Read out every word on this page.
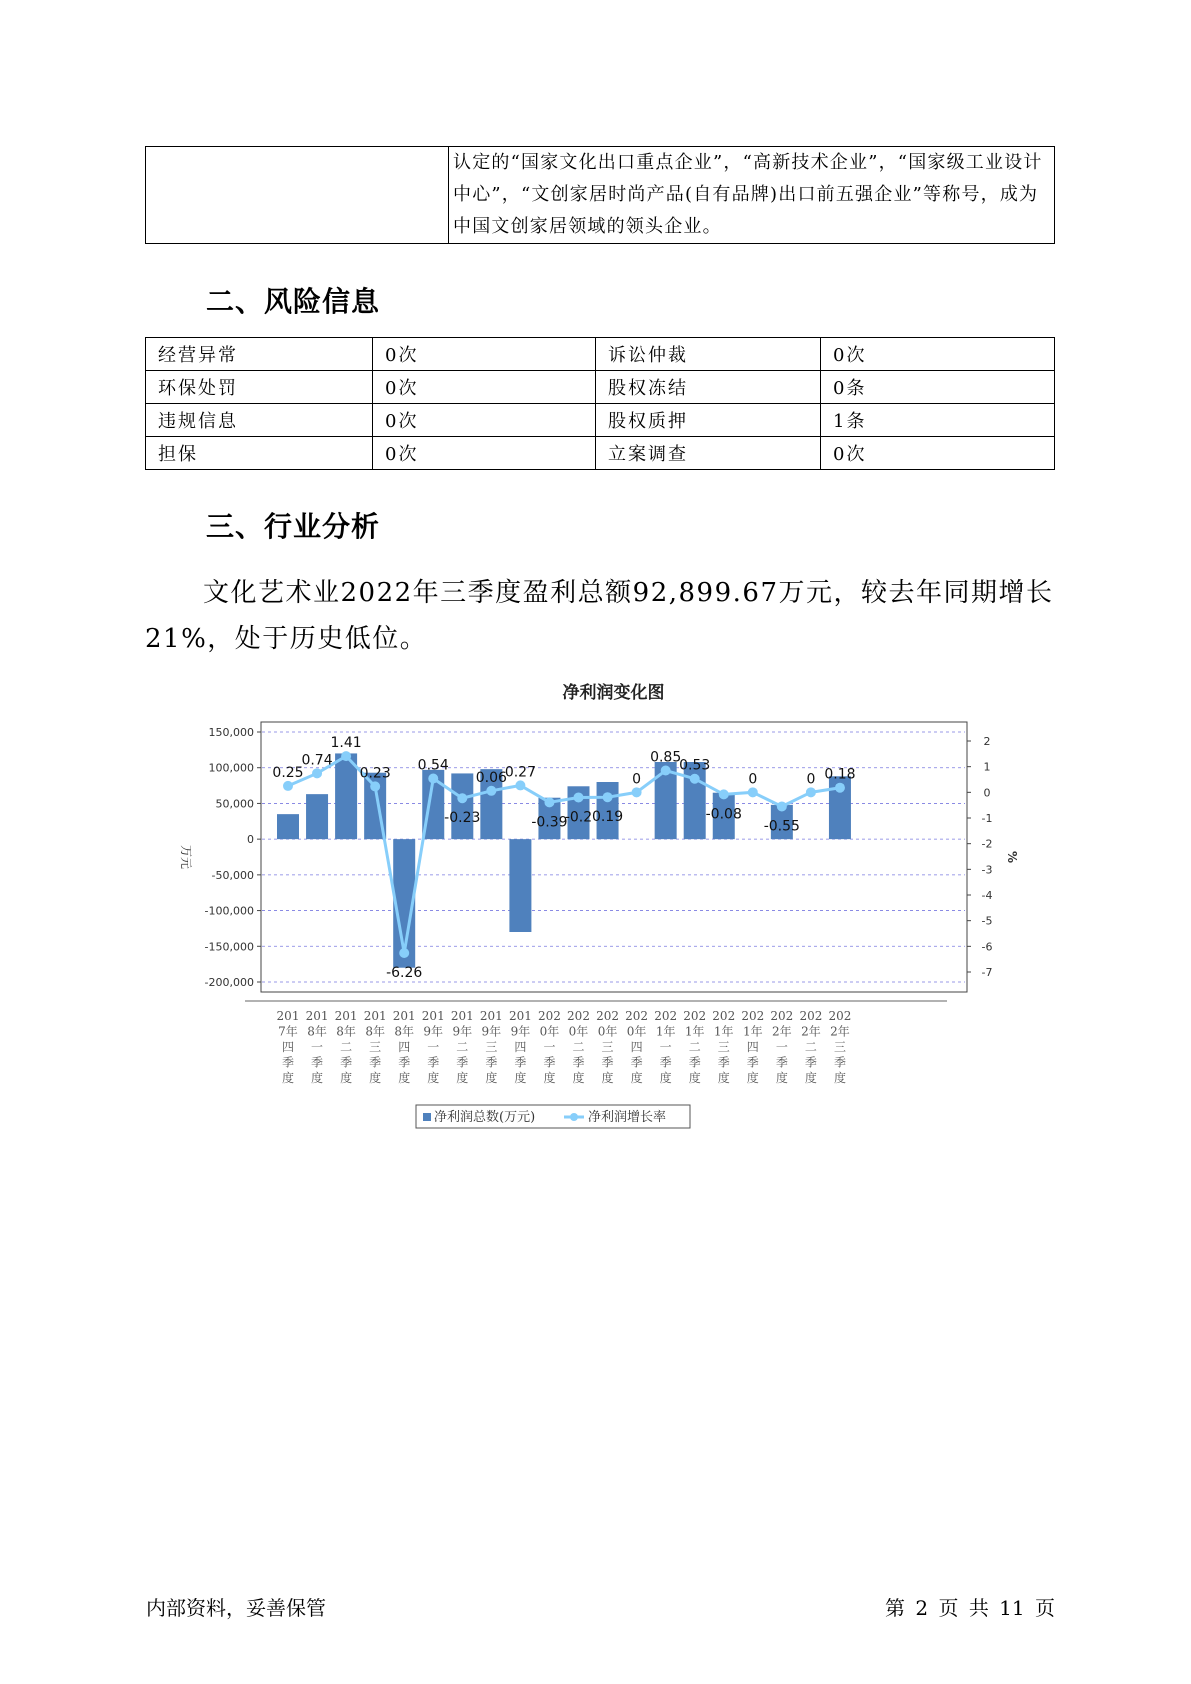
	认定的“国家文化出口重点企业”，“高新技术企业”，“国家级工业设计中心”，“文创家居时尚产品(自有品牌)出口前五强企业”等称号，成为中国文创家居领域的领头企业。
二、风险信息
经营异常	0次	诉讼仲裁	0次
环保处罚	0次	股权冻结	0条
违规信息	0次	股权质押	1条
担保	0次	立案调查	0次
三、行业分析

文化艺术业2022年三季度盈利总额92,899.67万元，较去年同期增长21%，处于历史低位。

净利润变化图
150,000
100,000
50,000
0
-50,000
-100,000
-150,000
-200,000
2
1
0
-1
-2
-3
-4
-5
-6
-7
万元	%
0.25
0.74
1.41
0.23
-6.26
0.54
-0.23
0.06
0.27
-0.39
-0.2 0.19
0
0.85
0.53
-0.08
0
-0.55
0 0.18
201 7年四季度
201 8年一季度
201 8年二季度
201 8年三季度
201 8年四季度
201 9年一季度
201 9年二季度
201 9年三季度
201 9年四季度
202 0年一季度
202 0年二季度
202 0年三季度
202 0年四季度
202 1年一季度
202 1年二季度
202 1年三季度
202 1年四季度
202 2年一季度
202 2年二季度
202 2年三季度
净利润总数(万元)	净利润增长率
内部资料，妥善保管	第 2 页 共 11 页
